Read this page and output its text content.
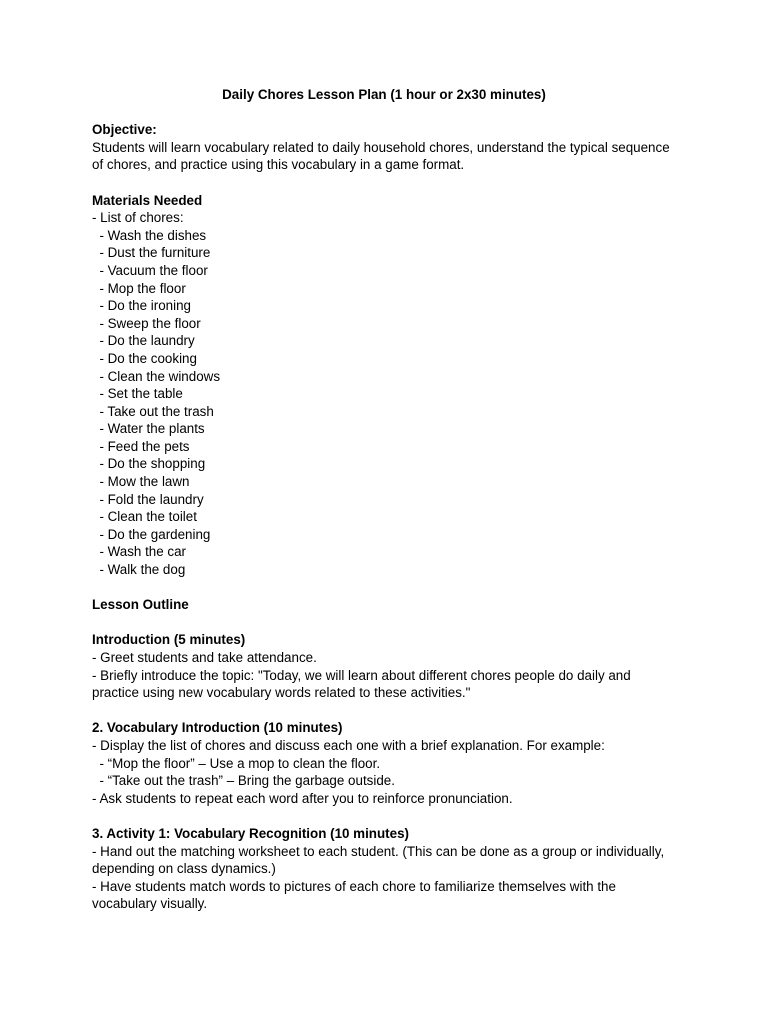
Daily Chores Lesson Plan (1 hour or 2x30 minutes)

Objective:

Students will learn vocabulary related to daily household chores, understand the typical sequence of chores, and practice using this vocabulary in a game format.

Materials Needed

- List of chores:

- Wash the dishes
- Dust the furniture
- Vacuum the floor
- Mop the floor
- Do the ironing
- Sweep the floor
- Do the laundry
- Do the cooking
- Clean the windows
- Set the table
- Take out the trash
- Water the plants
- Feed the pets
- Do the shopping
- Mow the lawn
- Fold the laundry
- Clean the toilet
- Do the gardening
- Wash the car
- Walk the dog

Lesson Outline

Introduction (5 minutes)

- Greet students and take attendance.

- Briefly introduce the topic: "Today, we will learn about different chores people do daily and practice using new vocabulary words related to these activities."

2. Vocabulary Introduction (10 minutes)

- Display the list of chores and discuss each one with a brief explanation. For example:

- “Mop the floor” – Use a mop to clean the floor.

- “Take out the trash” – Bring the garbage outside.

- Ask students to repeat each word after you to reinforce pronunciation.

3. Activity 1: Vocabulary Recognition (10 minutes)

- Hand out the matching worksheet to each student. (This can be done as a group or individually, depending on class dynamics.)

- Have students match words to pictures of each chore to familiarize themselves with the vocabulary visually.
